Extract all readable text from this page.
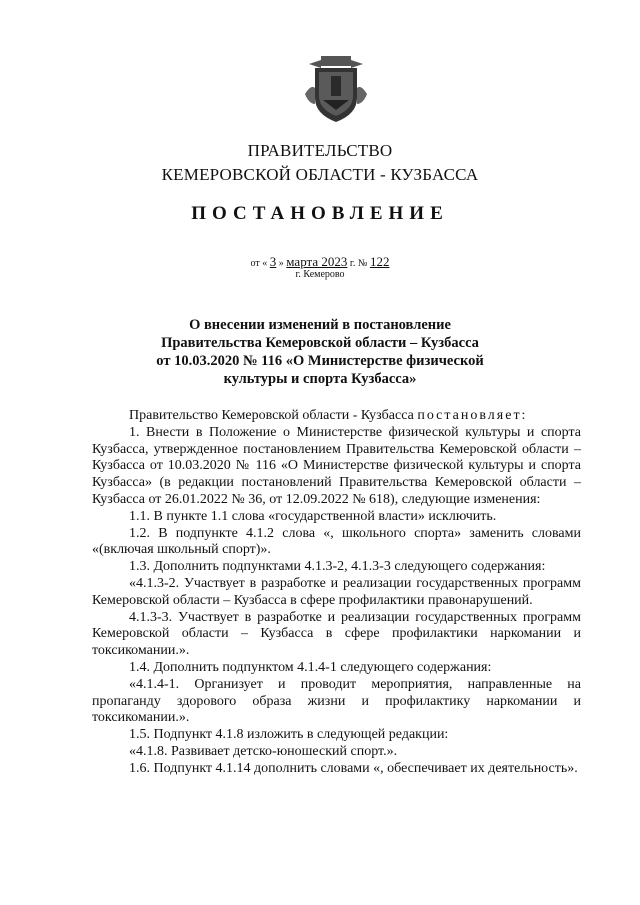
ПРАВИТЕЛЬСТВО
КЕМЕРОВСКОЙ ОБЛАСТИ - КУЗБАССА
ПОСТАНОВЛЕНИЕ
от « 3 » марта 2023 г. № 122
г. Кемерово
О внесении изменений в постановление
Правительства Кемеровской области – Кузбасса
от 10.03.2020 № 116 «О Министерстве физической
культуры и спорта Кузбасса»

Правительство Кемеровской области - Кузбасса постановляет:

1. Внести в Положение о Министерстве физической культуры и спорта Кузбасса, утвержденное постановлением Правительства Кемеровской области – Кузбасса от 10.03.2020 № 116 «О Министерстве физической культуры и спорта Кузбасса» (в редакции постановлений Правительства Кемеровской области – Кузбасса от 26.01.2022 № 36, от 12.09.2022 № 618), следующие изменения:

1.1. В пункте 1.1 слова «государственной власти» исключить.

1.2. В подпункте 4.1.2 слова «, школьного спорта» заменить словами «(включая школьный спорт)».

1.3. Дополнить подпунктами 4.1.3-2, 4.1.3-3 следующего содержания:

«4.1.3-2. Участвует в разработке и реализации государственных программ Кемеровской области – Кузбасса в сфере профилактики правонарушений.

4.1.3-3. Участвует в разработке и реализации государственных программ Кемеровской области – Кузбасса в сфере профилактики наркомании и токсикомании.».

1.4. Дополнить подпунктом 4.1.4-1 следующего содержания:

«4.1.4-1. Организует и проводит мероприятия, направленные на пропаганду здорового образа жизни и профилактику наркомании и токсикомании.».

1.5. Подпункт 4.1.8 изложить в следующей редакции:

«4.1.8. Развивает детско-юношеский спорт.».

1.6. Подпункт 4.1.14 дополнить словами «, обеспечивает их деятельность».
